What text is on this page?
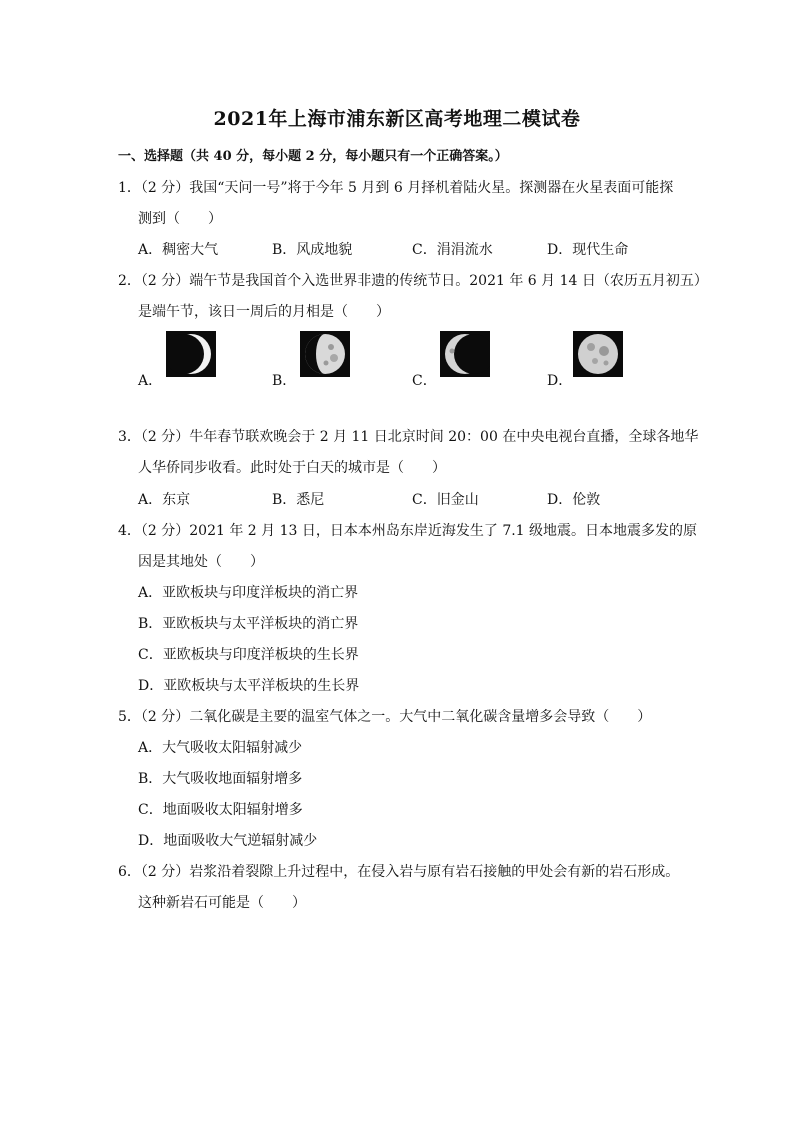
2021年上海市浦东新区高考地理二模试卷
一、选择题（共 40 分，每小题 2 分，每小题只有一个正确答案。）
1．（2 分）我国“天问一号”将于今年 5 月到 6 月择机着陆火星。探测器在火星表面可能探
测到（　　）
A．稠密大气	B．风成地貌	C．涓涓流水	D．现代生命
2．（2 分）端午节是我国首个入选世界非遗的传统节日。2021 年 6 月 14 日（农历五月初五）
是端午节，该日一周后的月相是（　　）
A．	B．	C．	D．
3．（2 分）牛年春节联欢晚会于 2 月 11 日北京时间 20：00 在中央电视台直播，全球各地华
人华侨同步收看。此时处于白天的城市是（　　）
A．东京	B．悉尼	C．旧金山	D．伦敦
4．（2 分）2021 年 2 月 13 日，日本本州岛东岸近海发生了 7.1 级地震。日本地震多发的原
因是其地处（　　）
A．亚欧板块与印度洋板块的消亡界
B．亚欧板块与太平洋板块的消亡界
C．亚欧板块与印度洋板块的生长界
D．亚欧板块与太平洋板块的生长界
5．（2 分）二氧化碳是主要的温室气体之一。大气中二氧化碳含量增多会导致（　　）
A．大气吸收太阳辐射减少
B．大气吸收地面辐射增多
C．地面吸收太阳辐射增多
D．地面吸收大气逆辐射减少
6．（2 分）岩浆沿着裂隙上升过程中，在侵入岩与原有岩石接触的甲处会有新的岩石形成。
这种新岩石可能是（　　）
